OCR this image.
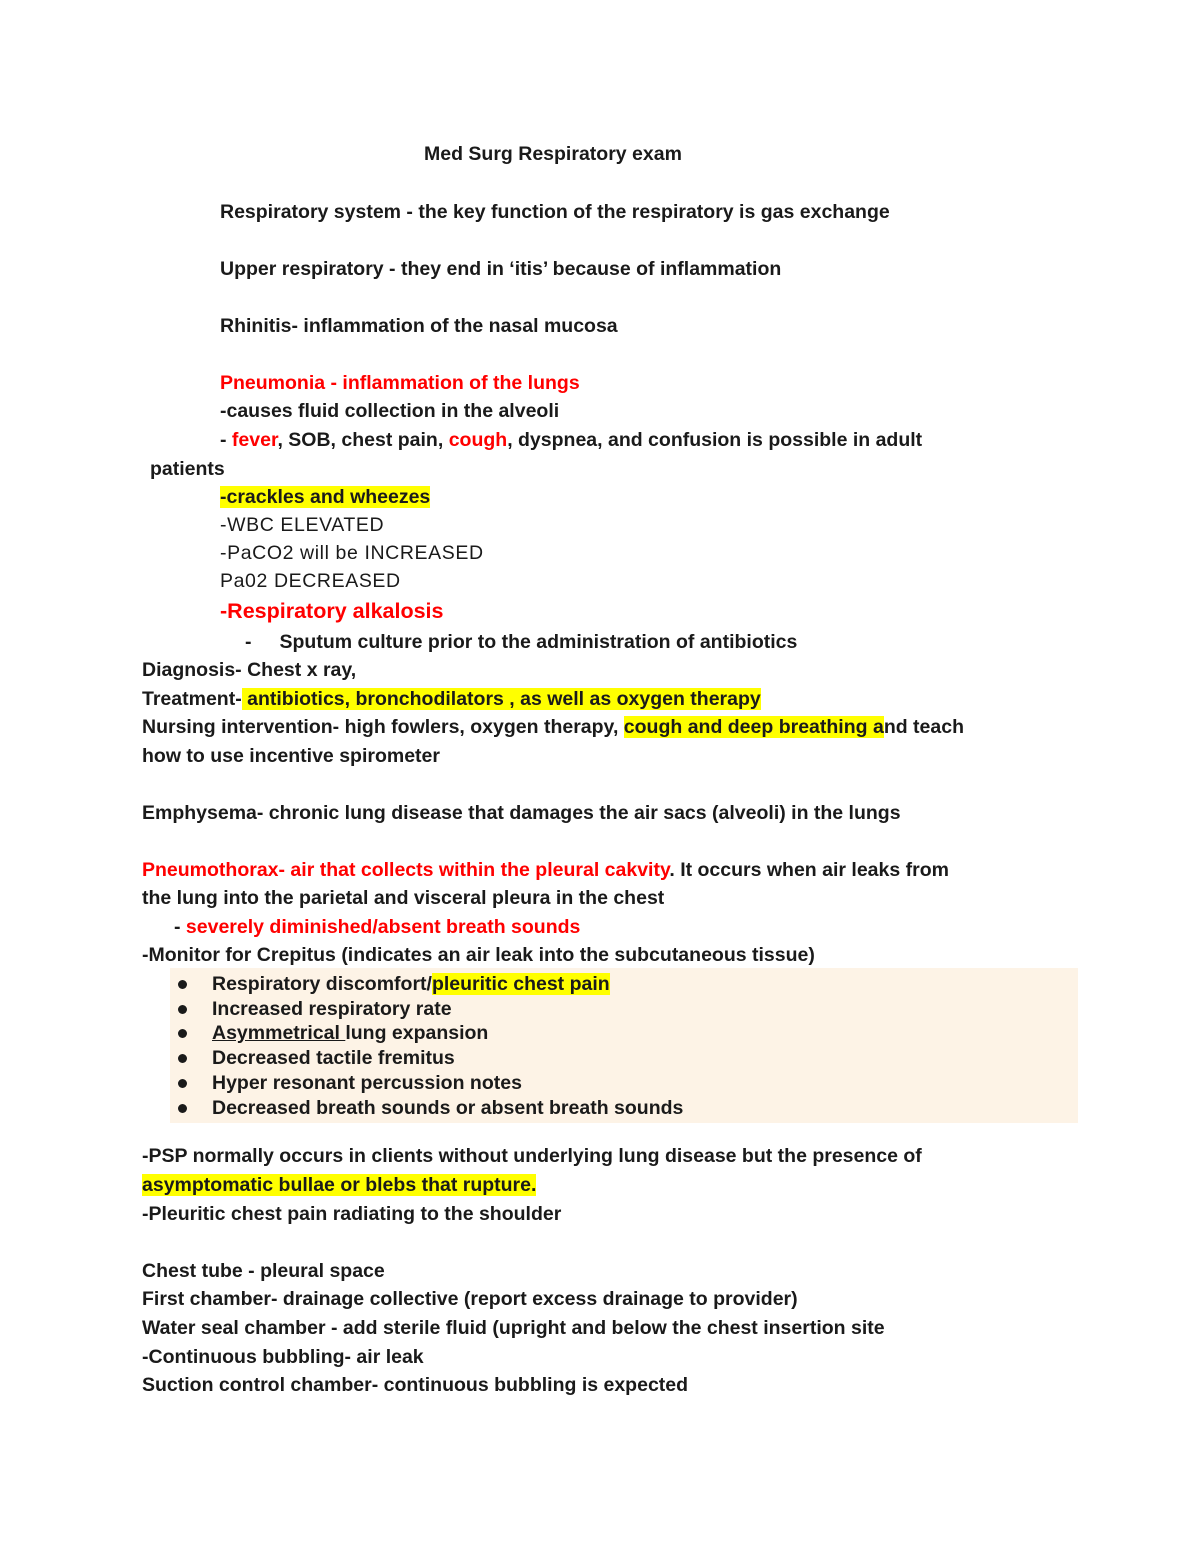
Med Surg Respiratory exam
Respiratory system - the key function of the respiratory is gas exchange
Upper respiratory - they end in ‘itis’ because of inflammation
Rhinitis- inflammation of the nasal mucosa
Pneumonia - inflammation of the lungs
-causes fluid collection in the alveoli
- fever, SOB, chest pain, cough, dyspnea, and confusion is possible in adult
patients
-crackles and wheezes
-WBC ELEVATED
-PaCO2 will be INCREASED
Pa02 DECREASED
-Respiratory alkalosis
- Sputum culture prior to the administration of antibiotics
Diagnosis- Chest x ray,
Treatment- antibiotics, bronchodilators , as well as oxygen therapy
Nursing intervention- high fowlers, oxygen therapy, cough and deep breathing and teach
how to use incentive spirometer
Emphysema- chronic lung disease that damages the air sacs (alveoli) in the lungs
Pneumothorax- air that collects within the pleural cakvity. It occurs when air leaks from
the lung into the parietal and visceral pleura in the chest
- severely diminished/absent breath sounds
-Monitor for Crepitus (indicates an air leak into the subcutaneous tissue)
Respiratory discomfort/pleuritic chest pain
Increased respiratory rate
Asymmetrical lung expansion
Decreased tactile fremitus
Hyper resonant percussion notes
Decreased breath sounds or absent breath sounds
-PSP normally occurs in clients without underlying lung disease but the presence of
asymptomatic bullae or blebs that rupture.
-Pleuritic chest pain radiating to the shoulder
Chest tube - pleural space
First chamber- drainage collective (report excess drainage to provider)
Water seal chamber - add sterile fluid (upright and below the chest insertion site
-Continuous bubbling- air leak
Suction control chamber- continuous bubbling is expected
